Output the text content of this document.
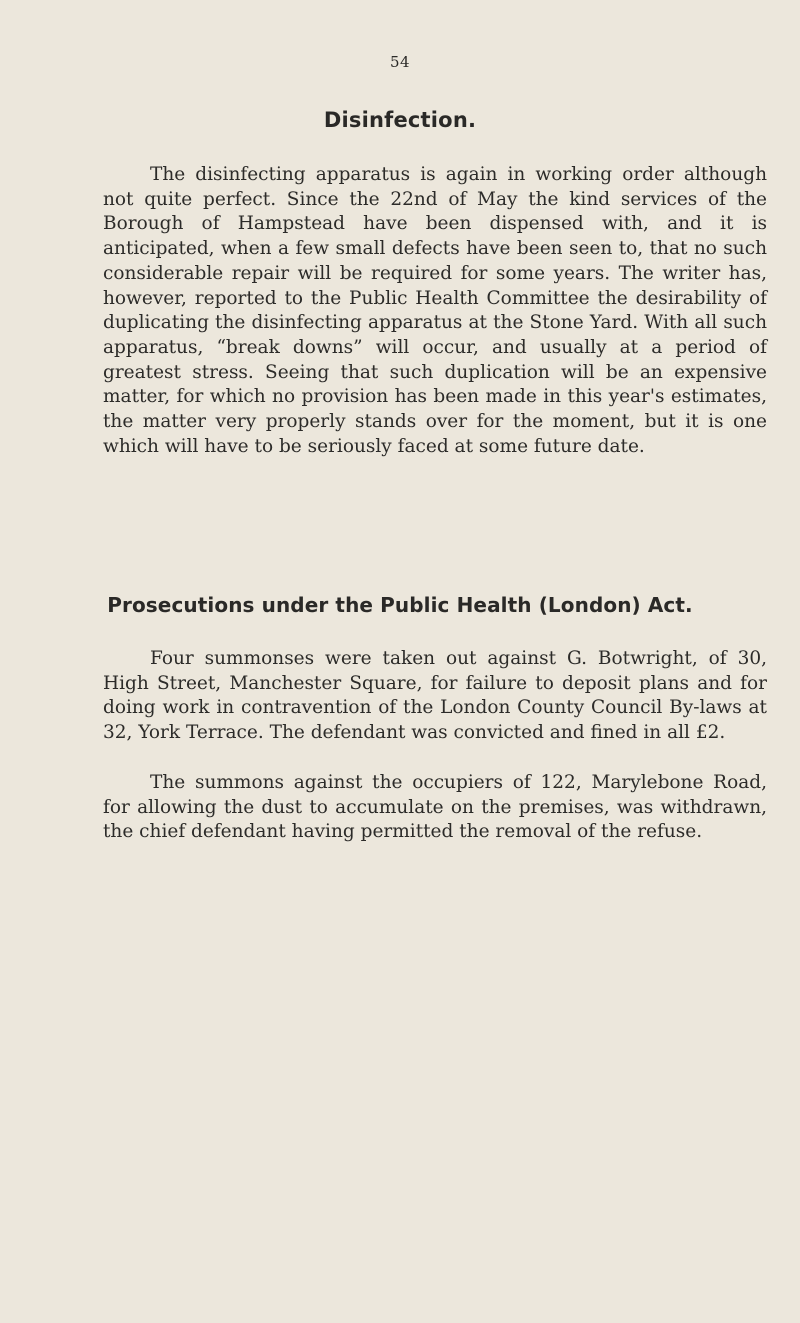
54
Disinfection.

The disinfecting apparatus is again in working order although not quite perfect. Since the 22nd of May the kind services of the Borough of Hampstead have been dispensed with, and it is anticipated, when a few small defects have been seen to, that no such considerable repair will be required for some years. The writer has, however, reported to the Public Health Committee the desirability of duplicating the disinfecting apparatus at the Stone Yard. With all such apparatus, “break downs” will occur, and usually at a period of greatest stress. Seeing that such duplication will be an expensive matter, for which no provision has been made in this year's estimates, the matter very properly stands over for the moment, but it is one which will have to be seriously faced at some future date.

Prosecutions under the Public Health (London) Act.

Four summonses were taken out against G. Botwright, of 30, High Street, Manchester Square, for failure to deposit plans and for doing work in contravention of the London County Council By-laws at 32, York Terrace. The defendant was convicted and fined in all £2.

The summons against the occupiers of 122, Marylebone Road, for allowing the dust to accumulate on the premises, was withdrawn, the chief defendant having permitted the removal of the refuse.
